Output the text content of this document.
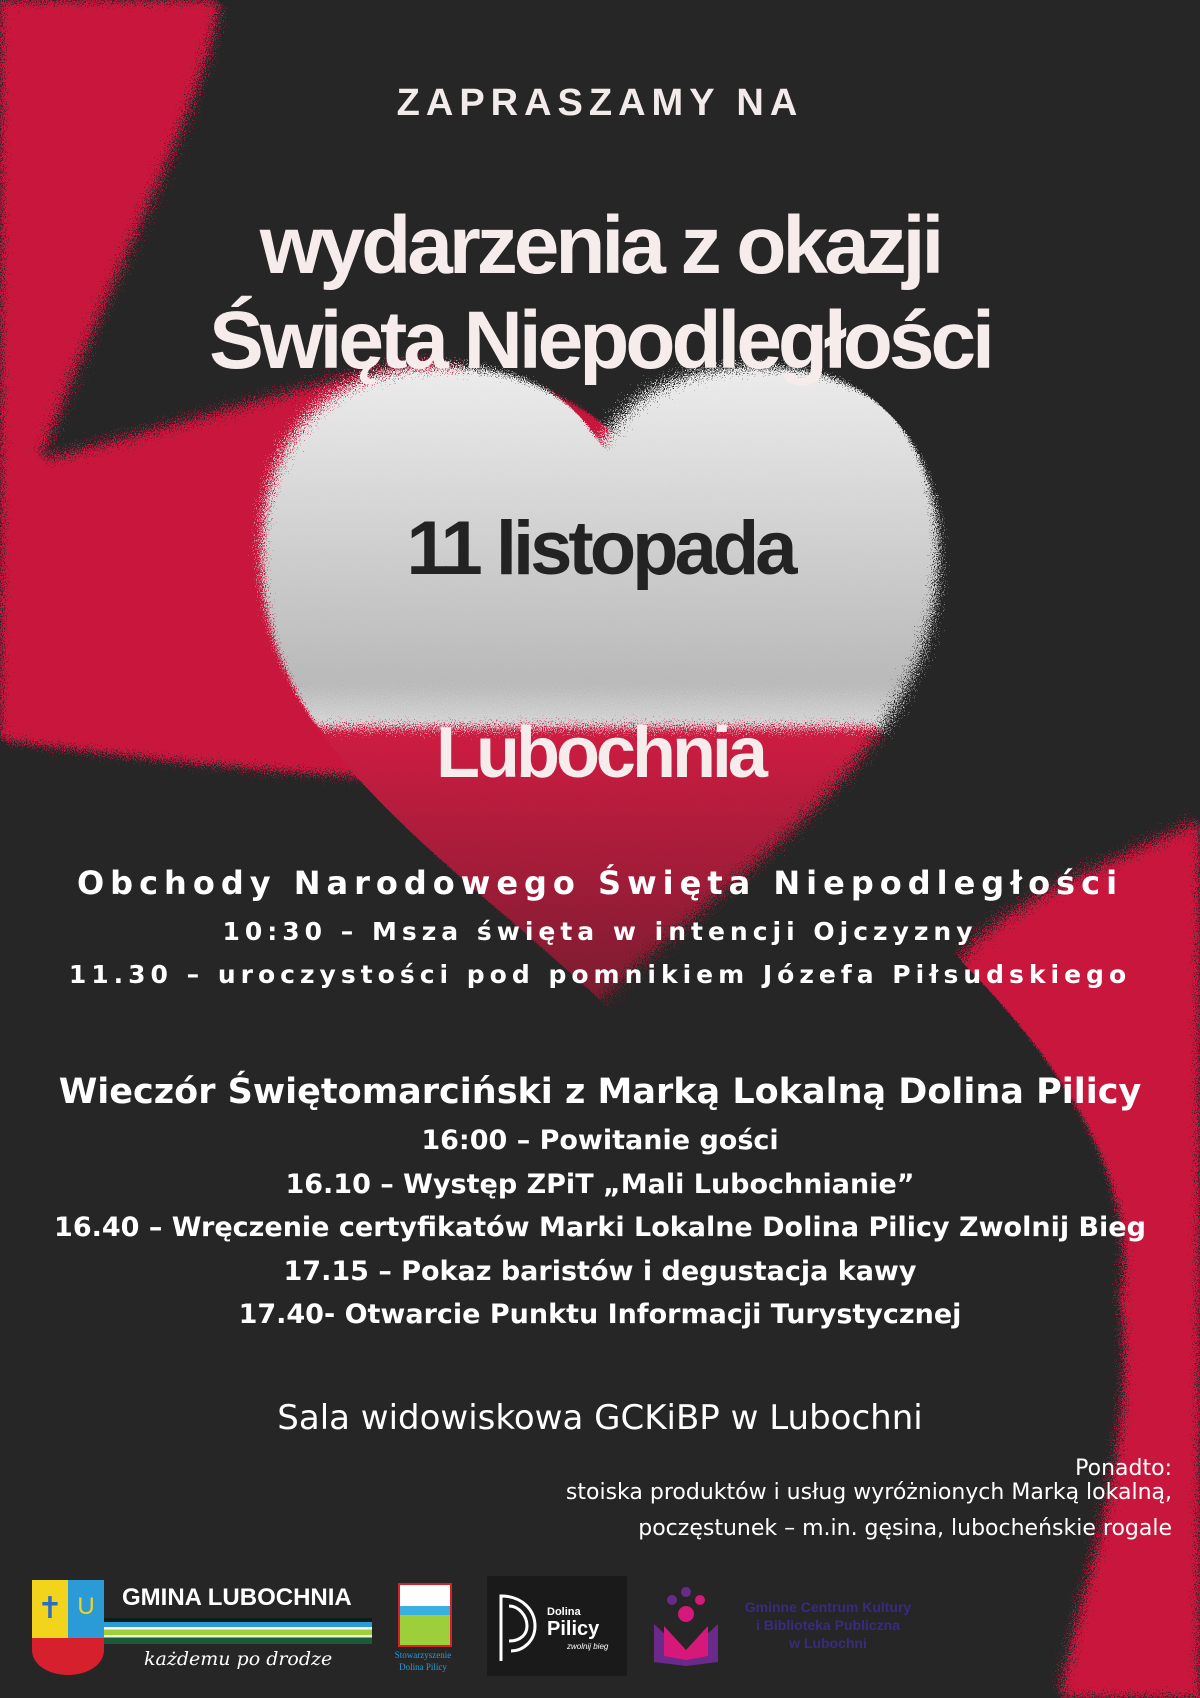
ZAPRASZAMY NA
wydarzenia z okazji
Święta Niepodległości
11 listopada
Lubochnia
Obchody Narodowego Święta Niepodległości
10:30 – Msza święta w intencji Ojczyzny
11.30 – uroczystości pod pomnikiem Józefa Piłsudskiego
Wieczór Świętomarciński z Marką Lokalną Dolina Pilicy
16:00 – Powitanie gości
16.10 – Występ ZPiT „Mali Lubochnianie”
16.40 – Wręczenie certyfikatów Marki Lokalne Dolina Pilicy Zwolnij Bieg
17.15 – Pokaz baristów i degustacja kawy
17.40- Otwarcie Punktu Informacji Turystycznej
Sala widowiskowa GCKiBP w Lubochni
Ponadto:
stoiska produktów i usług wyróżnionych Marką lokalną,
poczęstunek – m.in. gęsina, lubocheńskie rogale
✝ U GMINA LUBOCHNIA
każdemu po drodze	Stowarzyszenie
Dolina Pilicy
Dolina
Pilicy
zwolnij bieg
Gminne Centrum Kultury
i Biblioteka Publiczna
w Lubochni
